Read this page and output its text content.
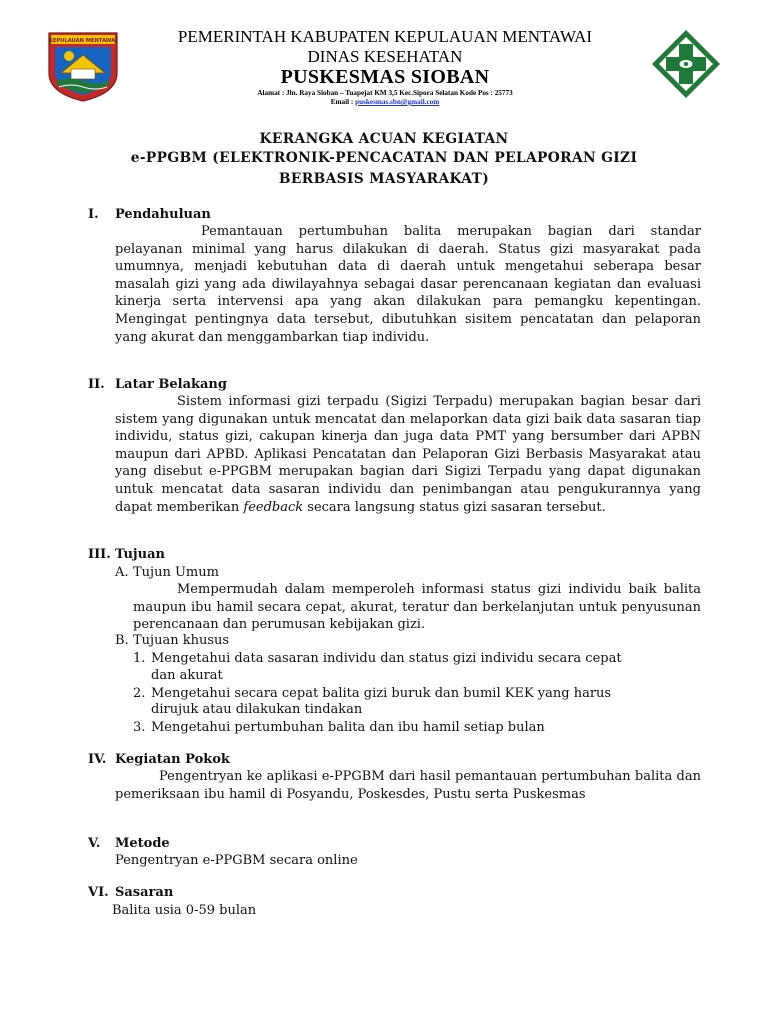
KEPULAUAN MENTAWAI	PEMERINTAH KABUPATEN KEPULAUAN MENTAWAI
DINAS KESEHATAN
PUSKESMAS SIOBAN
Alamat : Jln. Raya Sioban – Tuapejat KM 3,5 Kec.Sipora Selatan Kode Pos : 25773
Email : puskesmas.sbn@gmail.com
KERANGKA ACUAN KEGIATAN
e-PPGBM (ELEKTRONIK-PENCACATAN DAN PELAPORAN GIZI
BERBASIS MASYARAKAT)
I. Pendahuluan
Pemantauan pertumbuhan balita merupakan bagian dari standar pelayanan minimal yang harus dilakukan di daerah. Status gizi masyarakat pada umumnya, menjadi kebutuhan data di daerah untuk mengetahui seberapa besar masalah gizi yang ada diwilayahnya sebagai dasar perencanaan kegiatan dan evaluasi kinerja serta intervensi apa yang akan dilakukan para pemangku kepentingan. Mengingat pentingnya data tersebut, dibutuhkan sisitem pencatatan dan pelaporan yang akurat dan menggambarkan tiap individu.
II. Latar Belakang
Sistem informasi gizi terpadu (Sigizi Terpadu) merupakan bagian besar dari sistem yang digunakan untuk mencatat dan melaporkan data gizi baik data sasaran tiap individu, status gizi, cakupan kinerja dan juga data PMT yang bersumber dari APBN maupun dari APBD. Aplikasi Pencatatan dan Pelaporan Gizi Berbasis Masyarakat atau yang disebut e-PPGBM merupakan bagian dari Sigizi Terpadu yang dapat digunakan untuk mencatat data sasaran individu dan penimbangan atau pengukurannya yang dapat memberikan feedback secara langsung status gizi sasaran tersebut.
III. Tujuan
A. Tujun Umum
Mempermudah dalam memperoleh informasi status gizi individu baik balita maupun ibu hamil secara cepat, akurat, teratur dan berkelanjutan untuk penyusunan perencanaan dan perumusan kebijakan gizi.
B. Tujuan khusus
1. Mengetahui data sasaran individu dan status gizi individu secara cepat
dan akurat
2. Mengetahui secara cepat balita gizi buruk dan bumil KEK yang harus
dirujuk atau dilakukan tindakan
3. Mengetahui pertumbuhan balita dan ibu hamil setiap bulan
IV. Kegiatan Pokok
Pengentryan ke aplikasi e-PPGBM dari hasil pemantauan pertumbuhan balita dan pemeriksaan ibu hamil di Posyandu, Poskesdes, Pustu serta Puskesmas
V. Metode
Pengentryan e-PPGBM secara online
VI. Sasaran
Balita usia 0-59 bulan
